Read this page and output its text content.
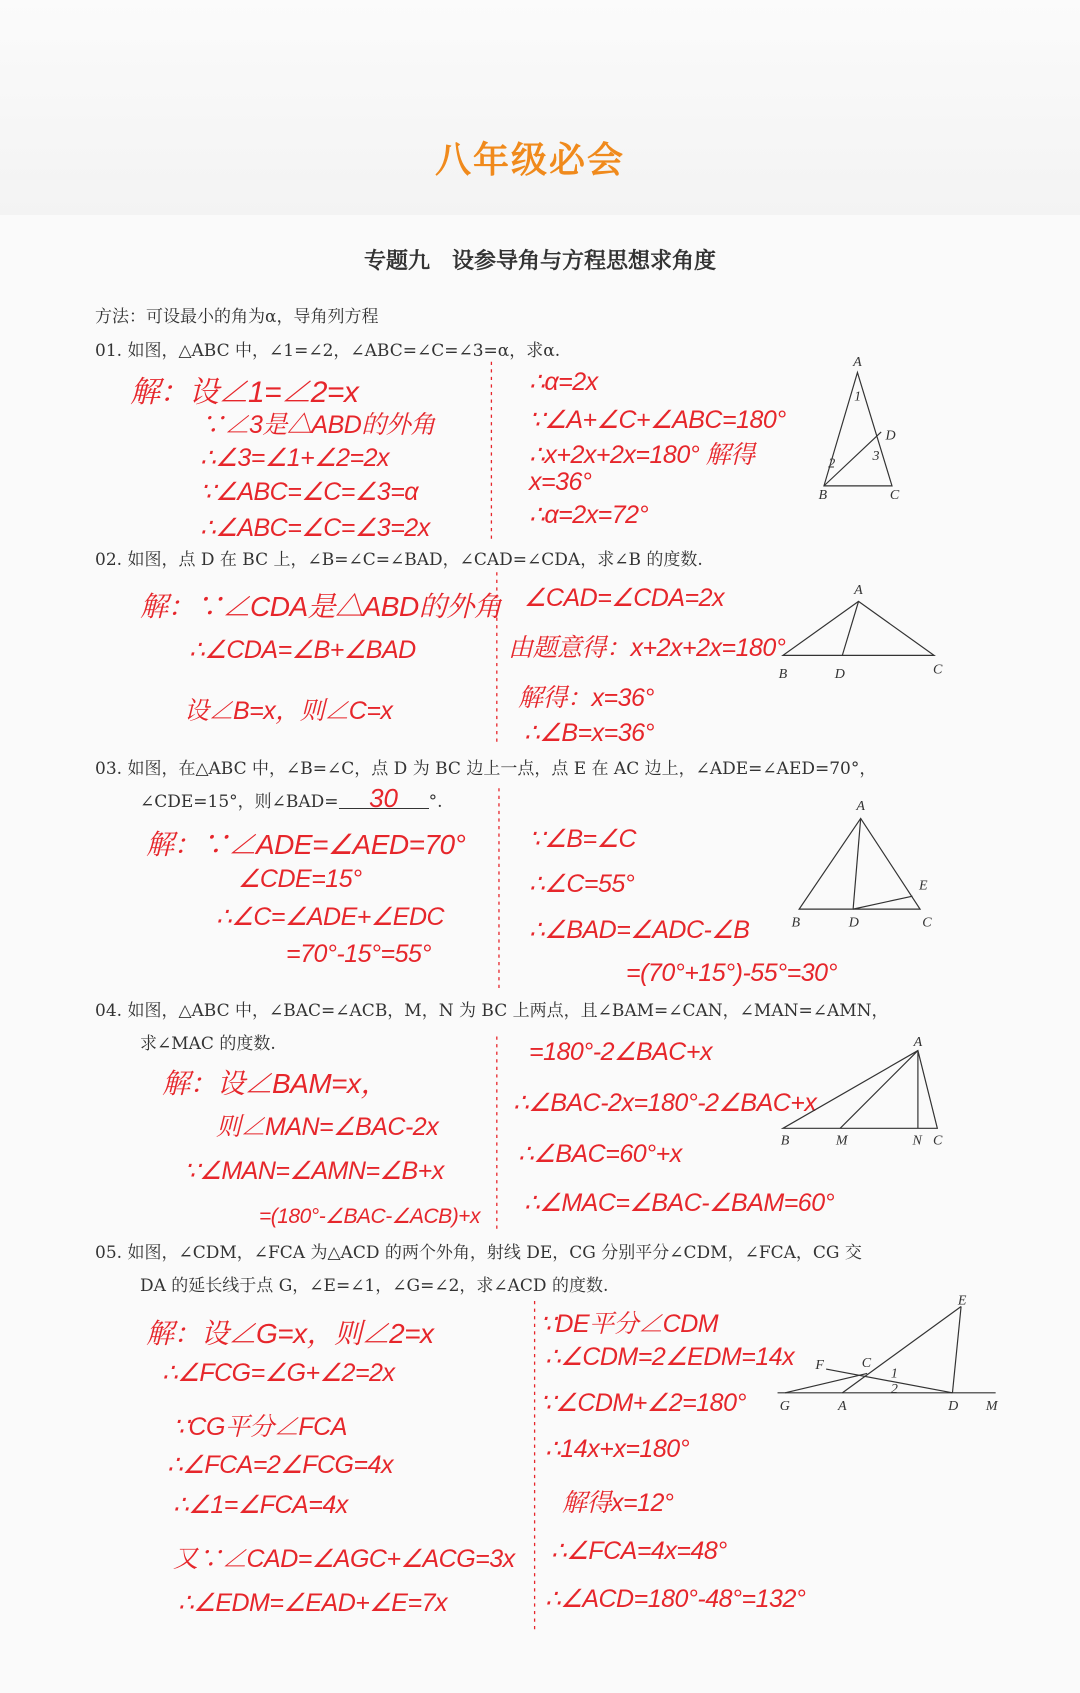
八年级必会
专题九　设参导角与方程思想求角度
方法：可设最小的角为α，导角列方程
01. 如图，△ABC 中，∠1=∠2，∠ABC=∠C=∠3=α，求α.
解：设∠1=∠2=x
∵∠3是△ABD的外角
∴∠3=∠1+∠2=2x
∵∠ABC=∠C=∠3=α
∴∠ABC=∠C=∠3=2x
∴α=2x
∵∠A+∠C+∠ABC=180°
∴x+2x+2x=180° 解得x=36°
∴α=2x=72°
02. 如图，点 D 在 BC 上，∠B=∠C=∠BAD，∠CAD=∠CDA，求∠B 的度数.
解：∵∠CDA是△ABD的外角
∴∠CDA=∠B+∠BAD
设∠B=x，则∠C=x
∠CAD=∠CDA=2x
由题意得：x+2x+2x=180°
解得：x=36°
∴∠B=x=36°
03. 如图，在△ABC 中，∠B=∠C，点 D 为 BC 边上一点，点 E 在 AC 边上，∠ADE=∠AED=70°，
∠CDE=15°，则∠BAD= 30 °.
解：∵∠ADE=∠AED=70°
∠CDE=15°
∴∠C=∠ADE+∠EDC
=70°-15°=55°
∵∠B=∠C
∴∠C=55°
∴∠BAD=∠ADC-∠B
=(70°+15°)-55°=30°
04. 如图，△ABC 中，∠BAC=∠ACB，M，N 为 BC 上两点，且∠BAM=∠CAN，∠MAN=∠AMN，
求∠MAC 的度数.
解：设∠BAM=x，
则∠MAN=∠BAC-2x
∵∠MAN=∠AMN=∠B+x
=(180°-∠BAC-∠ACB)+x
=180°-2∠BAC+x
∴∠BAC-2x=180°-2∠BAC+x
∴∠BAC=60°+x
∴∠MAC=∠BAC-∠BAM=60°
05. 如图，∠CDM，∠FCA 为△ACD 的两个外角，射线 DE，CG 分别平分∠CDM，∠FCA，CG 交
DA 的延长线于点 G，∠E=∠1，∠G=∠2，求∠ACD 的度数.
解：设∠G=x，则∠2=x
∴∠FCG=∠G+∠2=2x
∵CG平分∠FCA
∴∠FCA=2∠FCG=4x
∴∠1=∠FCA=4x
又∵∠CAD=∠AGC+∠ACG=3x
∴∠EDM=∠EAD+∠E=7x
∵DE平分∠CDM
∴∠CDM=2∠EDM=14x
∵∠CDM+∠2=180°
∴14x+x=180°
解得x=12°
∴∠FCA=4x=48°
∴∠ACD=180°-48°=132°
A
1
D
2	3
B	C
A
B	D	C
A
B	D	C
E
A
B	M	N C
E
F	C
1
2
G	A	D M
